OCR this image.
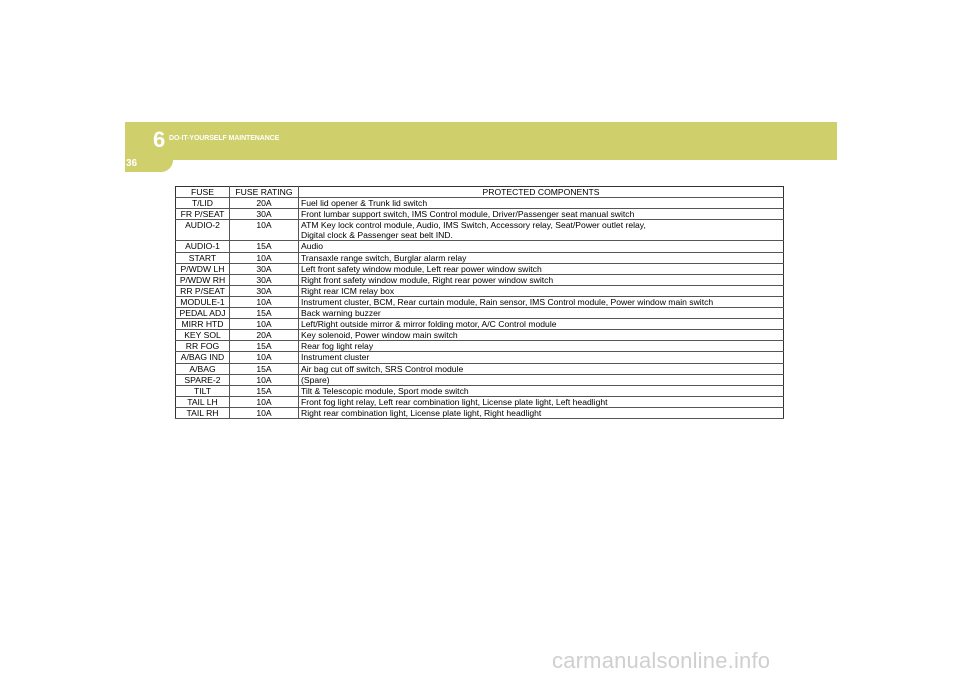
6 DO-IT-YOURSELF MAINTENANCE
36
FUSE	FUSE RATING	PROTECTED COMPONENTS
T/LID	20A	Fuel lid opener & Trunk lid switch

FR P/SEAT	30A	Front lumbar support switch, IMS Control module, Driver/Passenger seat manual switch

AUDIO-2	10A	ATM Key lock control module, Audio, IMS Switch, Accessory relay, Seat/Power outlet relay,
Digital clock & Passenger seat belt IND.

AUDIO-1	15A	Audio

START	10A	Transaxle range switch, Burglar alarm relay

P/WDW LH	30A	Left front safety window module, Left rear power window switch

P/WDW RH	30A	Right front safety window module, Right rear power window switch

RR P/SEAT	30A	Right rear ICM relay box

MODULE-1	10A	Instrument cluster, BCM, Rear curtain module, Rain sensor, IMS Control module, Power window main switch

PEDAL ADJ	15A	Back warning buzzer

MIRR HTD	10A	Left/Right outside mirror & mirror folding motor, A/C Control module

KEY SOL	20A	Key solenoid, Power window main switch

RR FOG	15A	Rear fog light relay

A/BAG IND	10A	Instrument cluster

A/BAG	15A	Air bag cut off switch, SRS Control module

SPARE-2	10A	(Spare)

TILT	15A	Tilt & Telescopic module, Sport mode switch

TAIL LH	10A	Front fog light relay, Left rear combination light, License plate light, Left headlight

TAIL RH	10A	Right rear combination light, License plate light, Right headlight
carmanualsonline.info
